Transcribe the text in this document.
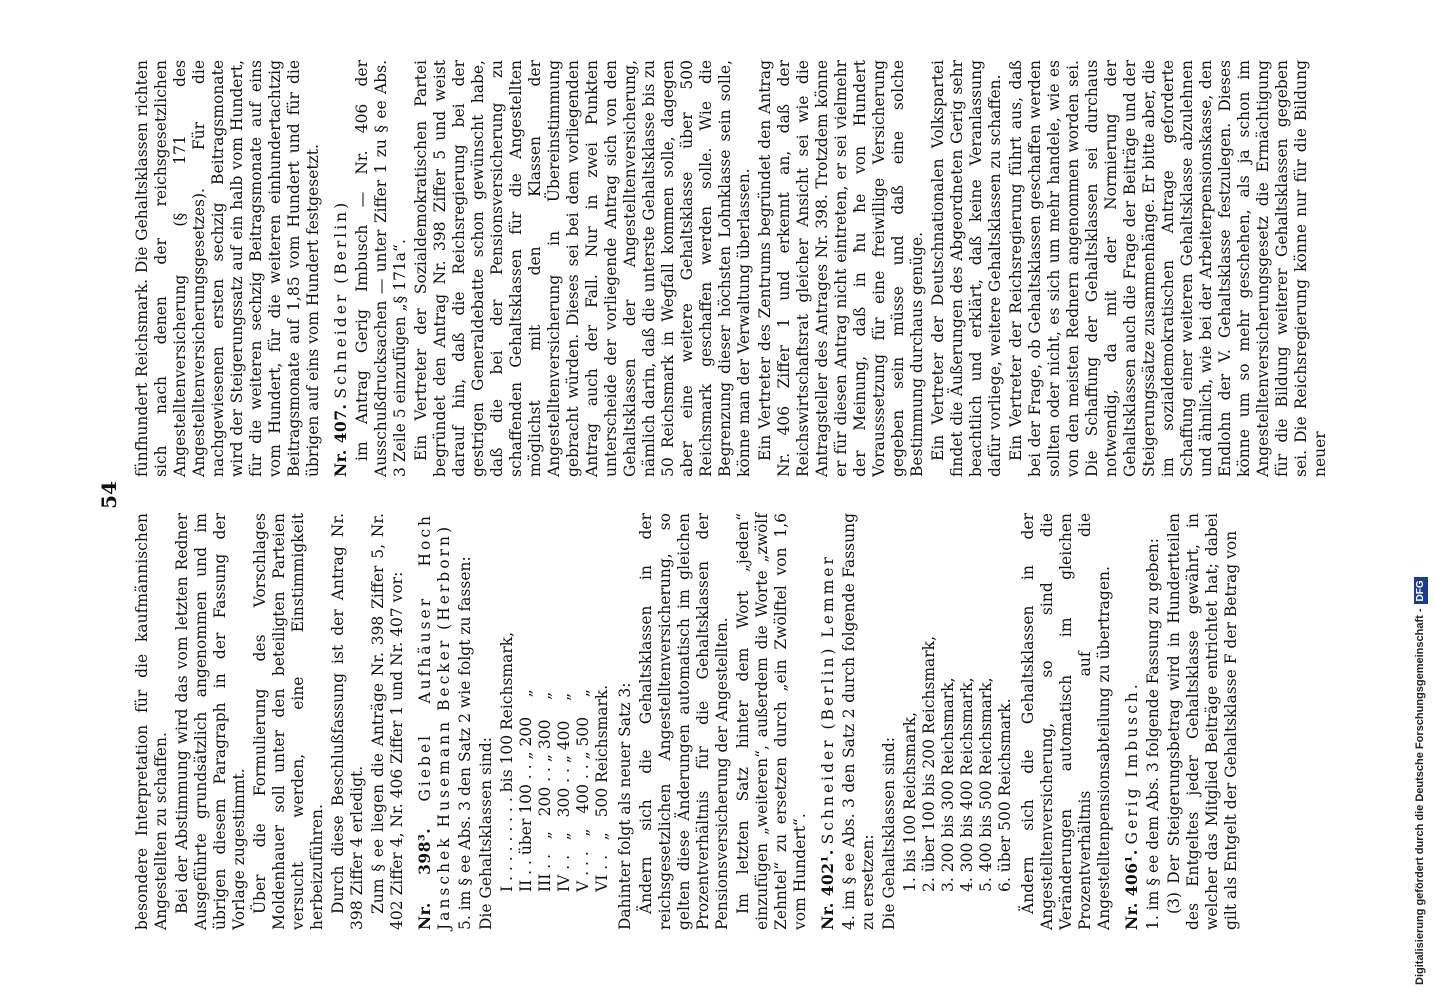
54

besondere Interpretation für die kaufmännischen Angestellten zu schaffen. Bei der Abstimmung wird das vom letzten Redner Ausgeführte grundsätzlich angenommen und im übrigen diesem Paragraph in der Fassung der Vorlage zugestimmt. Über die Formulierung des Vorschlages Moldenhauer soll unter den beteiligten Parteien versucht werden, eine Einstimmigkeit herbeizuführen. Durch diese Beschlußfassung ist der Antrag Nr. 398 Ziffer 4 erledigt. Zum § ee liegen die Anträge Nr. 398 Ziffer 5, Nr. 402 Ziffer 4, Nr. 406 Ziffer 1 und Nr. 407 vor: Nr. 398³. Giebel Aufhäuser Hoch Janschek Husemann Becker (Herborn) 5. im § ee Abs. 3 den Satz 2 wie folgt zu fassen: Die Gehaltsklassen sind: I . . . . . . . . . bis 100 Reichsmark, II . . über 100 . . „ 200    „ III . .   „   200 . . „ 300    „ IV . .   „   300 . . „ 400    „ V . . .   „   400 . . „ 500    „ VI . .   „   500 Reichsmark. Dahinter folgt als neuer Satz 3: Ändern sich die Gehaltsklassen in der reichsgesetzlichen Angestelltenversicherung, so gelten diese Änderungen automatisch im gleichen Prozentverhältnis für die Gehaltsklassen der Pensionsversicherung der Angestellten. Im letzten Satz hinter dem Wort „jeden“ einzufügen „weiteren“, außerdem die Worte „zwölf Zehntel“ zu ersetzen durch „ein Zwölftel von 1,6 vom Hundert“. Nr. 402¹. Schneider (Berlin) Lemmer 4. im § ee Abs. 3 den Satz 2 durch folgende Fassung zu ersetzen: Die Gehaltsklassen sind: 1. bis 100 Reichsmark, 2. über 100 bis 200 Reichsmark, 3. 200 bis 300 Reichsmark, 4. 300 bis 400 Reichsmark, 5. 400 bis 500 Reichsmark, 6. über 500 Reichsmark. Ändern sich die Gehaltsklassen in der Angestelltenversicherung, so sind die Veränderungen automatisch im gleichen Prozentverhältnis auf die Angestelltenpensionsabteilung zu übertragen. Nr. 406¹. Gerig Imbusch. 1. im § ee dem Abs. 3 folgende Fassung zu geben: (3) Der Steigerungsbetrag wird in Hundertteilen des Entgeltes jeder Gehaltsklasse gewährt, in welcher das Mitglied Beiträge entrichtet hat; dabei gilt als Entgelt der Gehaltsklasse F der Betrag von

fünfhundert Reichsmark. Die Gehaltsklassen richten sich nach denen der reichsgesetzlichen Angestelltenversicherung (§ 171 des Angestelltenversicherungsgesetzes). Für die nachgewiesenen ersten sechzig Beitragsmonate wird der Steigerungssatz auf ein halb vom Hundert, für die weiteren sechzig Beitragsmonate auf eins vom Hundert, für die weiteren einhundertachtzig Beitragsmonate auf 1,85 vom Hundert und für die übrigen auf eins vom Hundert festgesetzt. Nr. 407. Schneider (Berlin) im Antrag Gerig Imbusch — Nr. 406 der Ausschußdrucksachen — unter Ziffer 1 zu § ee Abs. 3 Zeile 5 einzufügen „§ 171a“. Ein Vertreter der Sozialdemokratischen Partei begründet den Antrag Nr. 398 Ziffer 5 und weist darauf hin, daß die Reichsregierung bei der gestrigen Generaldebatte schon gewünscht habe, daß die bei der Pensionsversicherung zu schaffenden Gehaltsklassen für die Angestellten möglichst mit den Klassen der Angestelltenversicherung in Übereinstimmung gebracht würden. Dieses sei bei dem vorliegenden Antrag auch der Fall. Nur in zwei Punkten unterscheide der vorliegende Antrag sich von den Gehaltsklassen der Angestelltenversicherung, nämlich darin, daß die unterste Gehaltsklasse bis zu 50 Reichsmark in Wegfall kommen solle, dagegen aber eine weitere Gehaltsklasse über 500 Reichsmark geschaffen werden solle. Wie die Begrenzung dieser höchsten Lohnklasse sein solle, könne man der Verwaltung überlassen. Ein Vertreter des Zentrums begründet den Antrag Nr. 406 Ziffer 1 und erkennt an, daß der Reichswirtschaftsrat gleicher Ansicht sei wie die Antragsteller des Antrages Nr. 398. Trotzdem könne er für diesen Antrag nicht eintreten, er sei vielmehr der Meinung, daß in ħu ħe von Hundert Vorausssetzung für eine freiwillige Versicherung gegeben sein müsse und daß eine solche Bestimmung durchaus genüge. Ein Vertreter der Deutschnationalen Volkspartei findet die Äußerungen des Abgeordneten Gerig sehr beachtlich und erklärt, daß keine Veranlassung dafür vorliege, weitere Gehaltsklassen zu schaffen. Ein Vertreter der Reichsregierung führt aus, daß bei der Frage, ob Gehaltsklassen geschaffen werden sollten oder nicht, es sich um mehr handele, wie es von den meisten Rednern angenommen worden sei. Die Schaffung der Gehaltsklassen sei durchaus notwendig, da mit der Normierung der Gehaltsklassen auch die Frage der Beiträge und der Steigerungssätze zusammenhänge. Er bitte aber, die im sozialdemokratischen Antrage geforderte Schaffung einer weiteren Gehaltsklasse abzulehnen und ähnlich, wie bei der Arbeiterpensionskasse, den Endlohn der V. Gehaltsklasse festzulegen. Dieses könne um so mehr geschehen, als ja schon im Angestelltenversicherungsgesetz die Ermächtigung für die Bildung weiterer Gehaltsklassen gegeben sei. Die Reichsregierung könne nur für die Bildung neuer

Digitalisierung gefördert durch die Deutsche Forschungsgemeinschaft -DFG
